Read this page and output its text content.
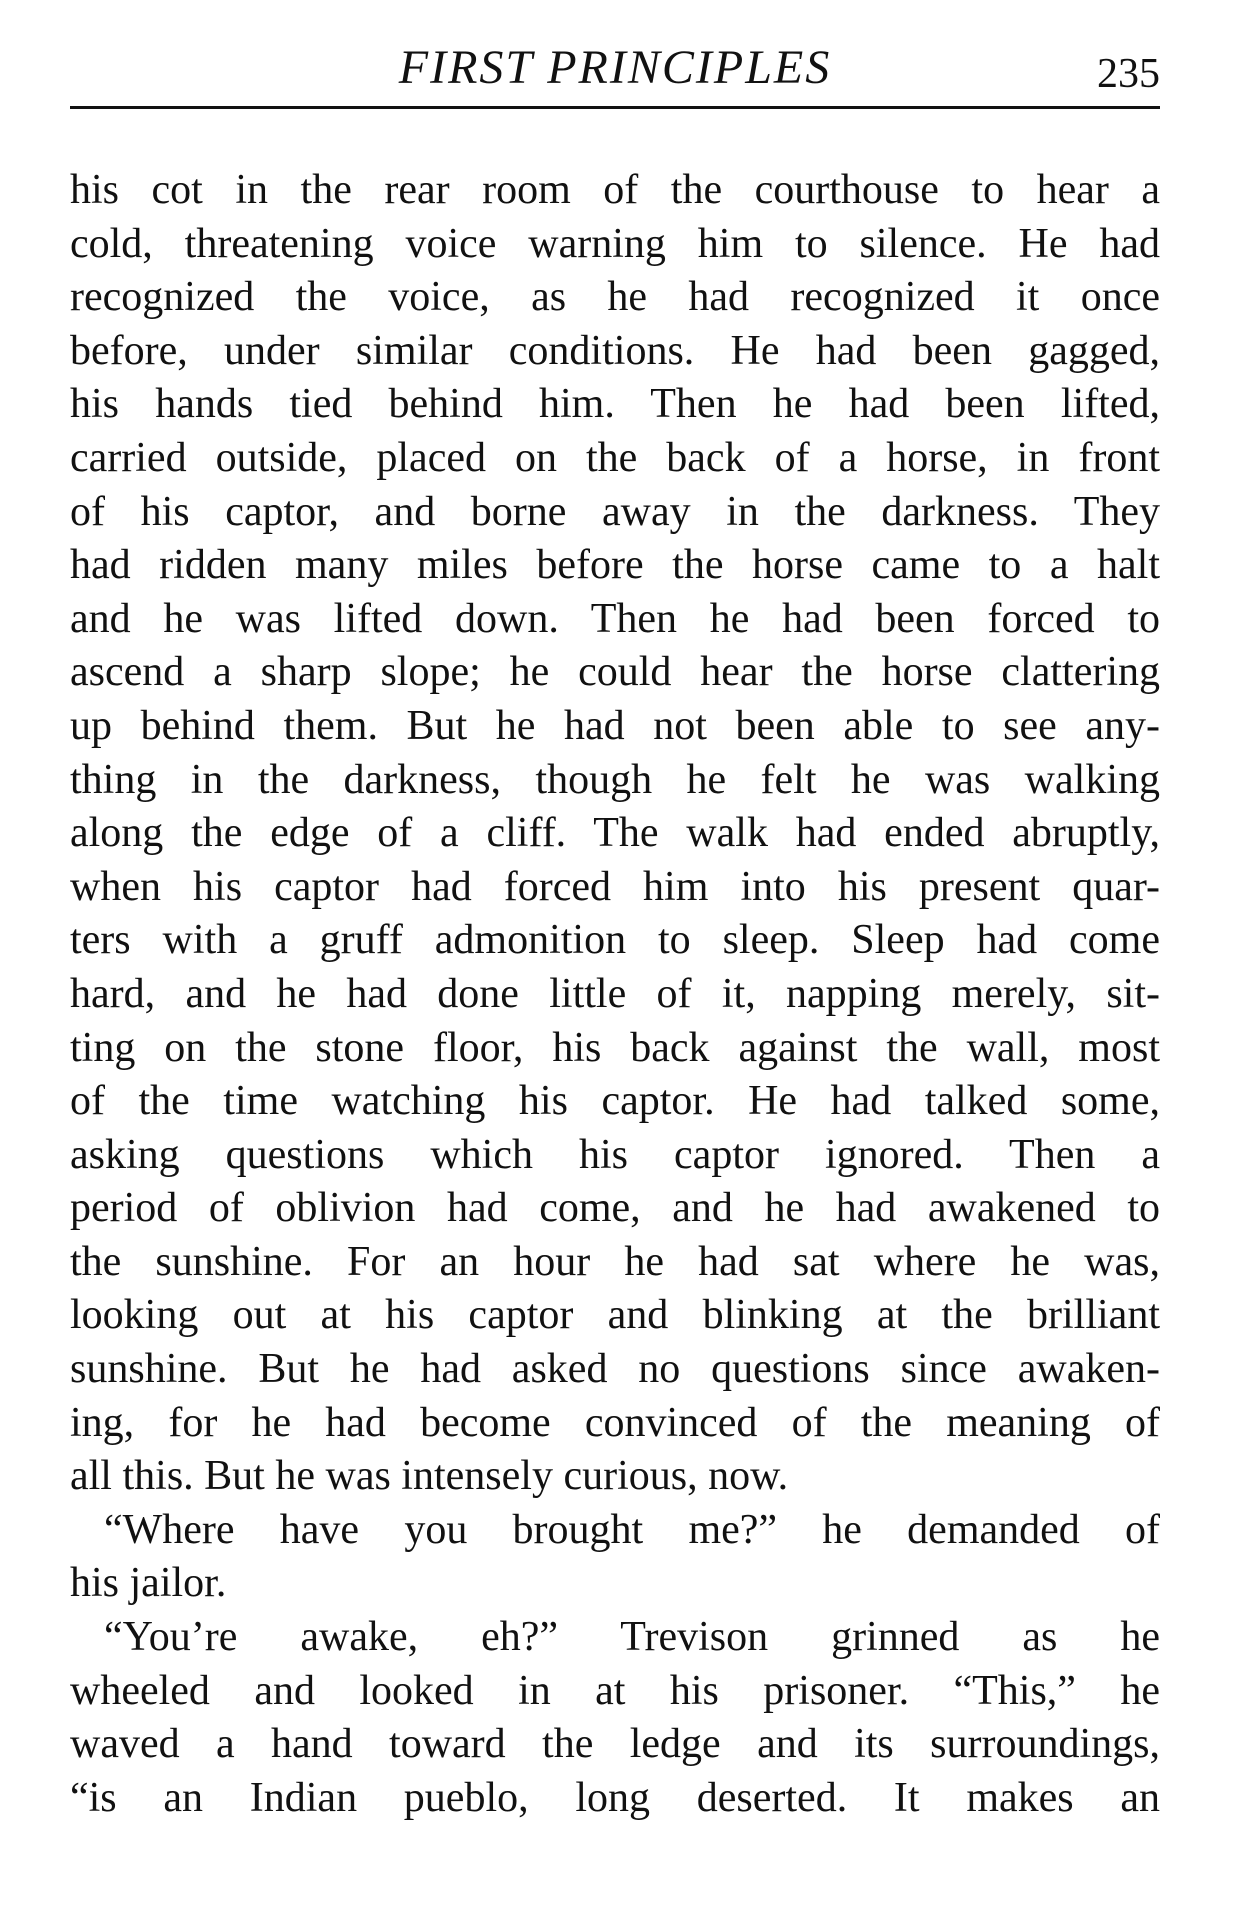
FIRST PRINCIPLES	235
his cot in the rear room of the courthouse to hear a
cold, threatening voice warning him to silence. He had
recognized the voice, as he had recognized it once
before, under similar conditions. He had been gagged,
his hands tied behind him. Then he had been lifted,
carried outside, placed on the back of a horse, in front
of his captor, and borne away in the darkness. They
had ridden many miles before the horse came to a halt
and he was lifted down. Then he had been forced to
ascend a sharp slope; he could hear the horse clattering
up behind them. But he had not been able to see any-
thing in the darkness, though he felt he was walking
along the edge of a cliff. The walk had ended abruptly,
when his captor had forced him into his present quar-
ters with a gruff admonition to sleep. Sleep had come
hard, and he had done little of it, napping merely, sit-
ting on the stone floor, his back against the wall, most
of the time watching his captor. He had talked some,
asking questions which his captor ignored. Then a
period of oblivion had come, and he had awakened to
the sunshine. For an hour he had sat where he was,
looking out at his captor and blinking at the brilliant
sunshine. But he had asked no questions since awaken-
ing, for he had become convinced of the meaning of
all this. But he was intensely curious, now.
“Where have you brought me?” he demanded of
his jailor.
“You’re awake, eh?” Trevison grinned as he
wheeled and looked in at his prisoner. “This,” he
waved a hand toward the ledge and its surroundings,
“is an Indian pueblo, long deserted. It makes an
